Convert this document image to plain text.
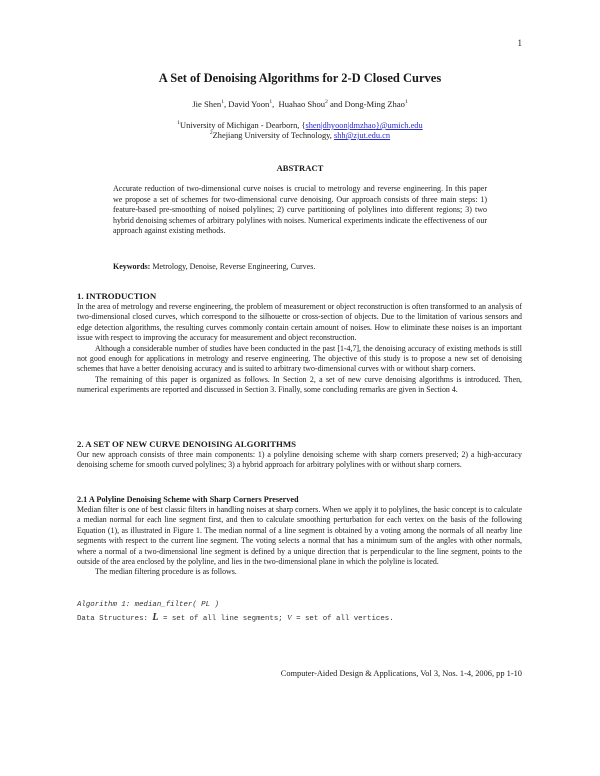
1
A Set of Denoising Algorithms for 2-D Closed Curves
Jie Shen$^1$, David Yoon$^1$,  Huahao Shou$^2$ and Dong-Ming Zhao$^1$
$^1$University of Michigan - Dearborn, {shen|dhyoon|dmzhao}@umich.edu
$^2$Zhejiang University of Technology, shh@zjut.edu.cn
ABSTRACT
Accurate reduction of two-dimensional curve noises is crucial to metrology and reverse engineering. In this paper we propose a set of schemes for two-dimensional curve denoising. Our approach consists of three main steps: 1) feature-based pre-smoothing of noised polylines; 2) curve partitioning of polylines into different regions; 3) two hybrid denoising schemes of arbitrary polylines with noises. Numerical experiments indicate the effectiveness of our approach against existing methods.
Keywords: Metrology, Denoise, Reverse Engineering, Curves.
1. INTRODUCTION

In the area of metrology and reverse engineering, the problem of measurement or object reconstruction is often transformed to an analysis of two-dimensional closed curves, which correspond to the silhouette or cross-section of objects. Due to the limitation of various sensors and edge detection algorithms, the resulting curves commonly contain certain amount of noises. How to eliminate these noises is an important issue with respect to improving the accuracy for measurement and object reconstruction.

Although a considerable number of studies have been conducted in the past [1-4,7], the denoising accuracy of existing methods is still not good enough for applications in metrology and reserve engineering. The objective of this study is to propose a new set of denoising schemes that have a better denoising accuracy and is suited to arbitrary two-dimensional curves with or without sharp corners.

The remaining of this paper is organized as follows. In Section 2, a set of new curve denoising algorithms is introduced. Then, numerical experiments are reported and discussed in Section 3. Finally, some concluding remarks are given in Section 4.

2. A SET OF NEW CURVE DENOISING ALGORITHMS

Our new approach consists of three main components: 1) a polyline denoising scheme with sharp corners preserved; 2) a high-accuracy denoising scheme for smooth curved polylines; 3) a hybrid approach for arbitrary polylines with or without sharp corners.

2.1 A Polyline Denoising Scheme with Sharp Corners Preserved

Median filter is one of best classic filters in handling noises at sharp corners. When we apply it to polylines, the basic concept is to calculate a median normal for each line segment first, and then to calculate smoothing perturbation for each vertex on the basis of the following Equation (1), as illustrated in Figure 1. The median normal of a line segment is obtained by a voting among the normals of all nearby line segments with respect to the current line segment. The voting selects a normal that has a minimum sum of the angles with other normals, where a normal of a two-dimensional line segment is defined by a unique direction that is perpendicular to the line segment, points to the outside of the area enclosed by the polyline, and lies in the two-dimensional plane in which the polyline is located.

The median filtering procedure is as follows.

Algorithm 1: median_filter( PL )
Data Structures: L = set of all line segments; V = set of all vertices.
Computer-Aided Design & Applications, Vol 3, Nos. 1-4, 2006, pp 1-10
